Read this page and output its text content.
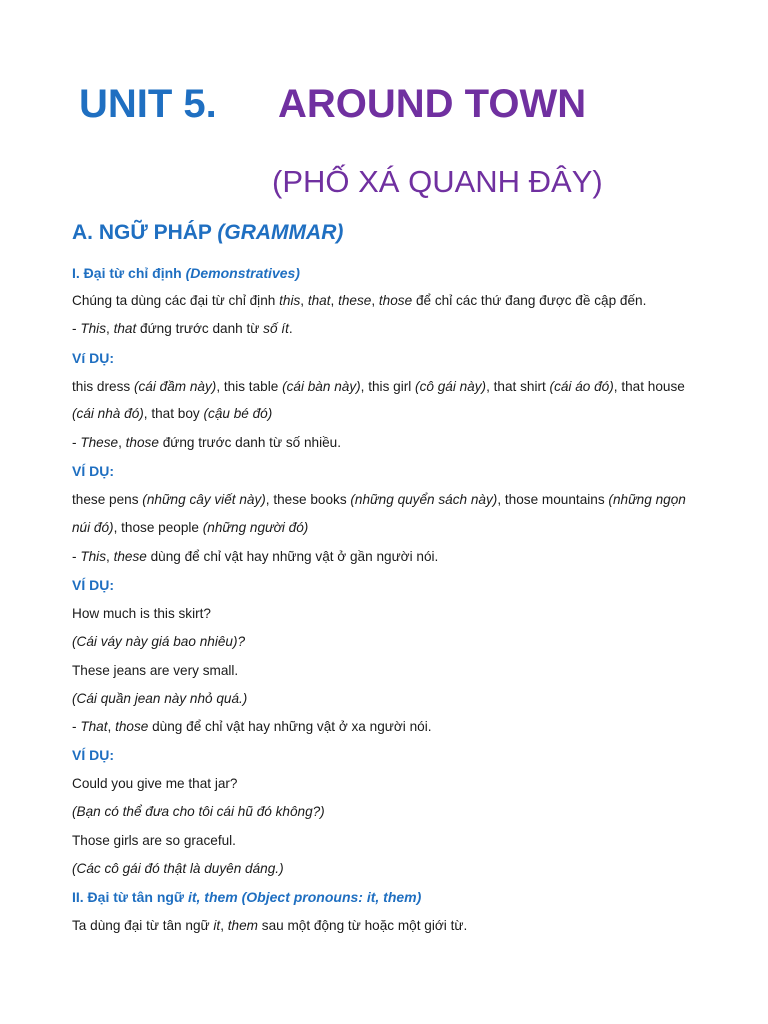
UNIT 5. AROUND TOWN
(PHỐ XÁ QUANH ĐÂY)
A. NGỮ PHÁP (GRAMMAR)
I. Đại từ chỉ định (Demonstratives)
Chúng ta dùng các đại từ chỉ định this, that, these, those để chỉ các thứ đang được đề cập đến.
- This, that đứng trước danh từ số ít.
Ví DỤ:
this dress (cái đầm này), this table (cái bàn này), this girl (cô gái này), that shirt (cái áo đó), that house
(cái nhà đó), that boy (cậu bé đó)
- These, those đứng trước danh từ số nhiều.
VÍ DỤ:
these pens (những cây viết này), these books (những quyển sách này), those mountains (những ngọn
núi đó), those people (những người đó)
- This, these dùng để chỉ vật hay những vật ở gần người nói.
VÍ DỤ:
How much is this skirt?
(Cái váy này giá bao nhiêu)?
These jeans are very small.
(Cái quần jean này nhỏ quá.)
- That, those dùng để chỉ vật hay những vật ở xa người nói.
VÍ DỤ:
Could you give me that jar?
(Bạn có thể đưa cho tôi cái hũ đó không?)
Those girls are so graceful.
(Các cô gái đó thật là duyên dáng.)
II. Đại từ tân ngữ it, them (Object pronouns: it, them)
Ta dùng đại từ tân ngữ it, them sau một động từ hoặc một giới từ.
